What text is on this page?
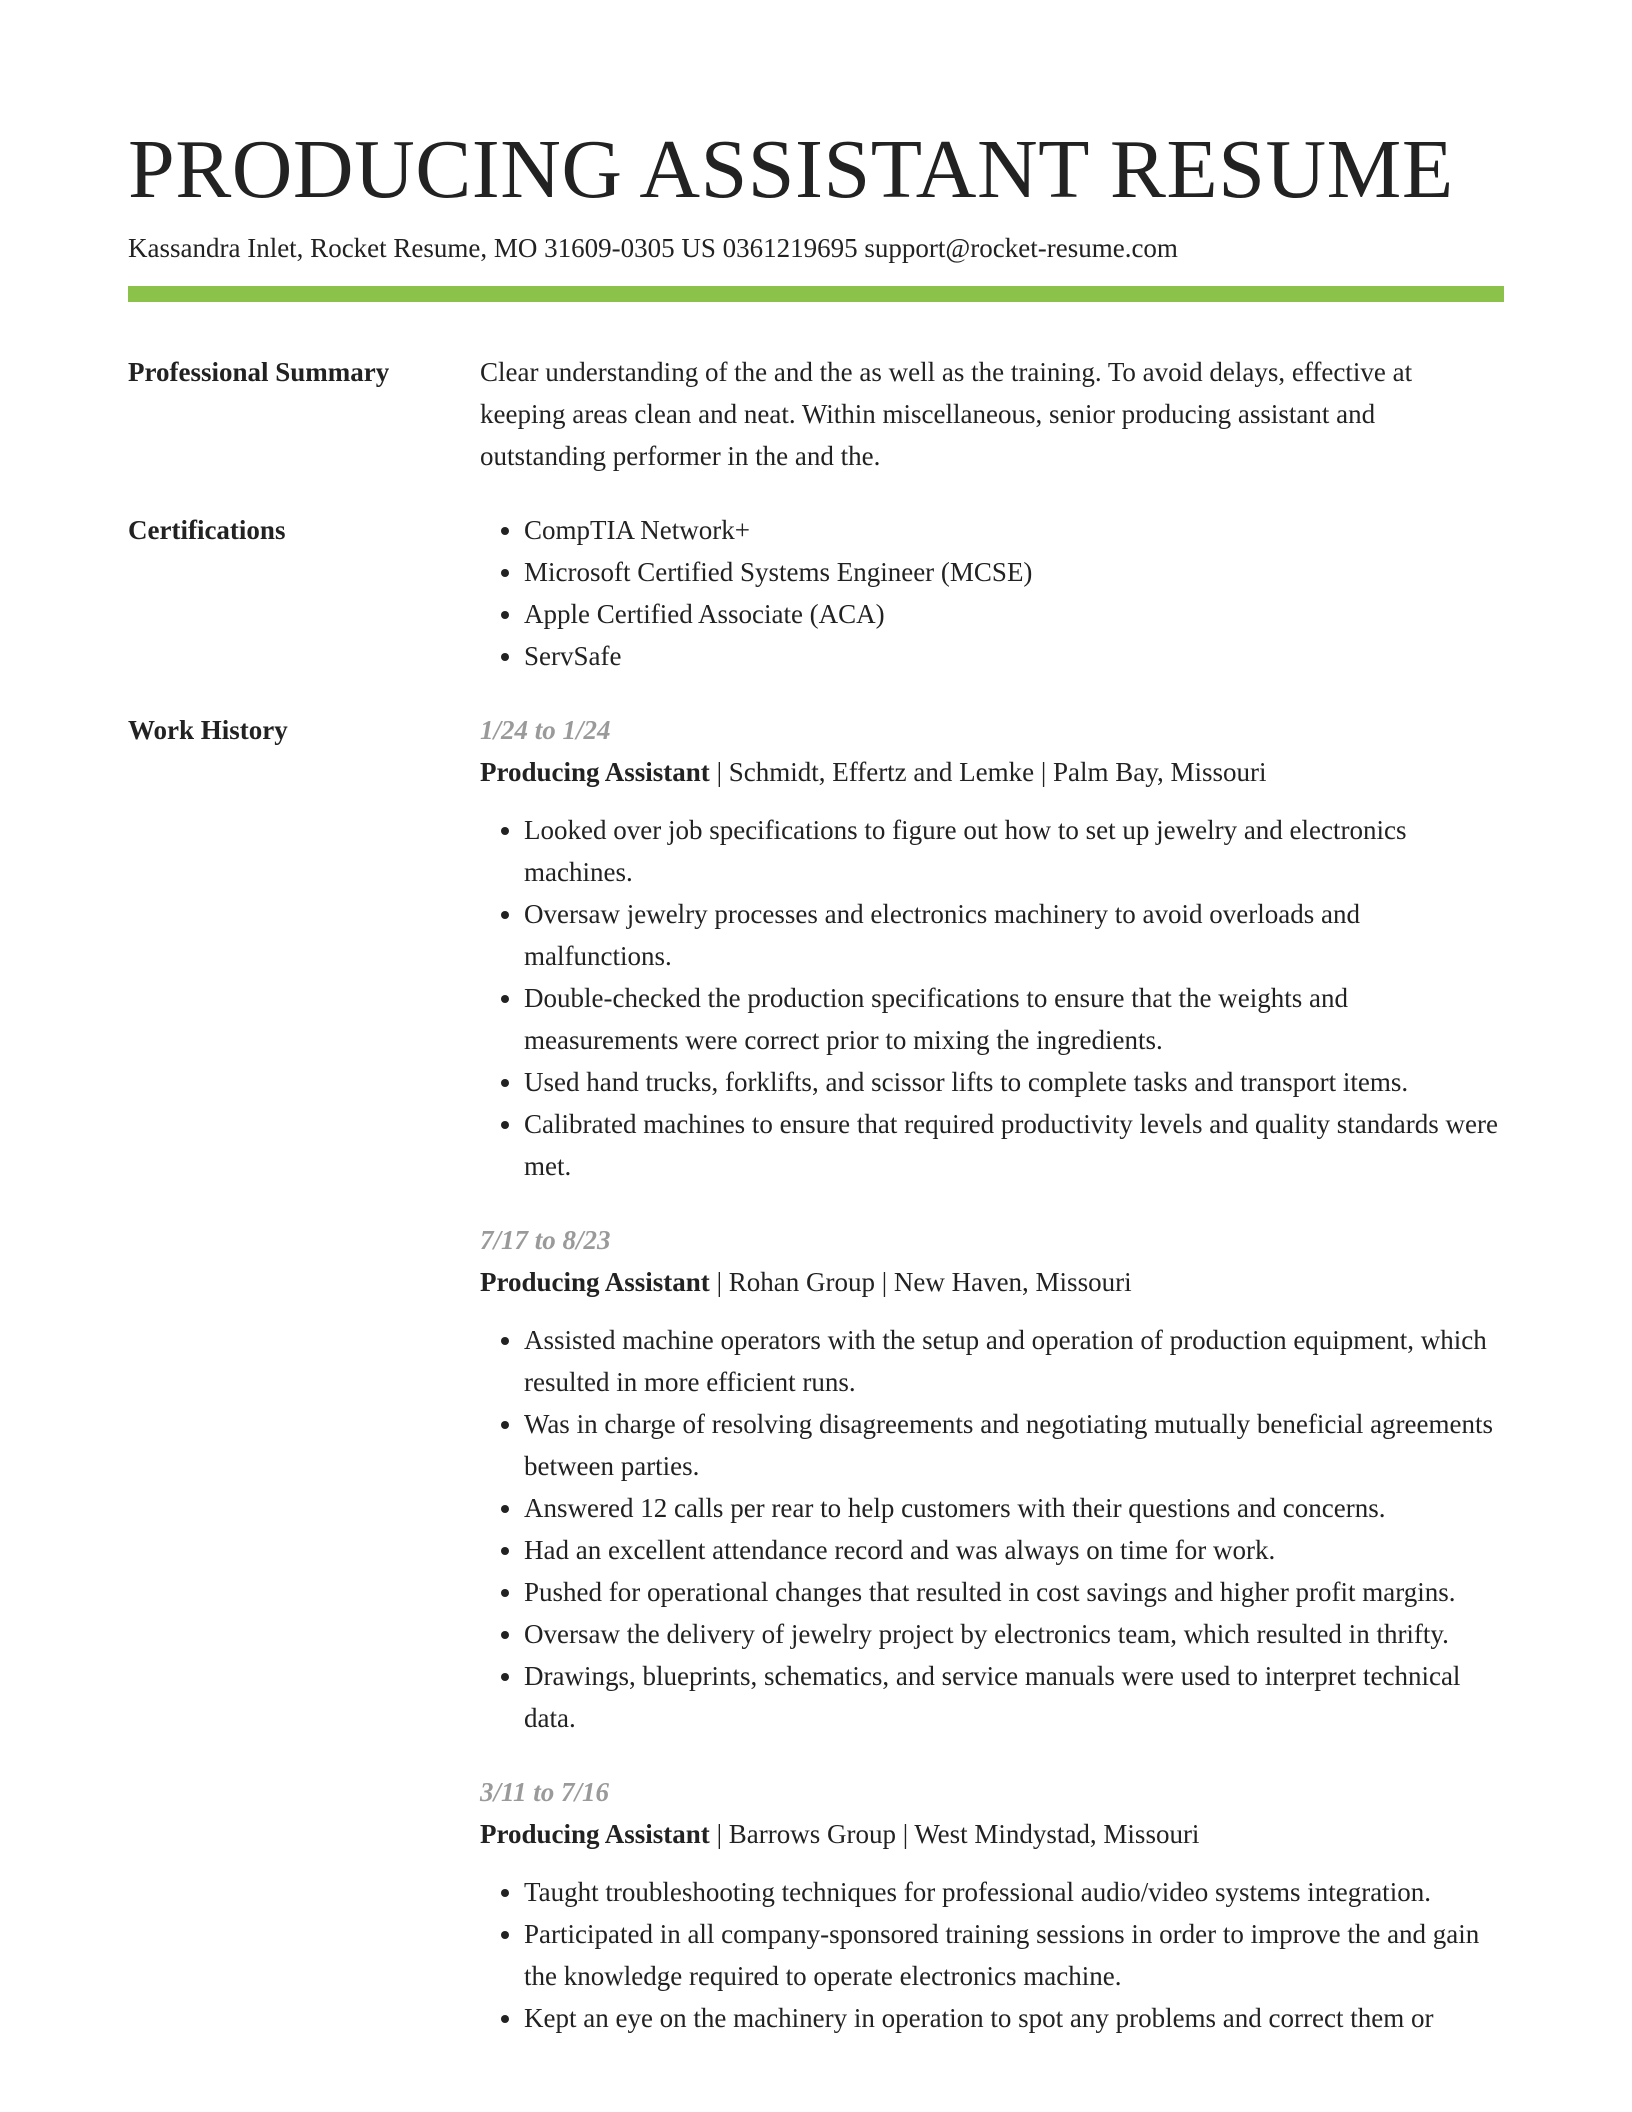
PRODUCING ASSISTANT RESUME
Kassandra Inlet, Rocket Resume, MO 31609-0305 US 0361219695 support@rocket-resume.com
Professional Summary	Clear understanding of the and the as well as the training. To avoid delays, effective at keeping areas clean and neat. Within miscellaneous, senior producing assistant and outstanding performer in the and the.
Certifications
•	CompTIA Network+
• Microsoft Certified Systems Engineer (MCSE)
• Apple Certified Associate (ACA)
• ServSafe
Work History	1/24 to 1/24
Producing Assistant | Schmidt, Effertz and Lemke | Palm Bay, Missouri
• Looked over job specifications to figure out how to set up jewelry and electronics machines.
• Oversaw jewelry processes and electronics machinery to avoid overloads and malfunctions.
• Double-checked the production specifications to ensure that the weights and measurements were correct prior to mixing the ingredients.
• Used hand trucks, forklifts, and scissor lifts to complete tasks and transport items.
• Calibrated machines to ensure that required productivity levels and quality standards were met.
7/17 to 8/23
Producing Assistant | Rohan Group | New Haven, Missouri
• Assisted machine operators with the setup and operation of production equipment, which resulted in more efficient runs.
• Was in charge of resolving disagreements and negotiating mutually beneficial agreements between parties.
• Answered 12 calls per rear to help customers with their questions and concerns.
• Had an excellent attendance record and was always on time for work.
• Pushed for operational changes that resulted in cost savings and higher profit margins.
• Oversaw the delivery of jewelry project by electronics team, which resulted in thrifty.
• Drawings, blueprints, schematics, and service manuals were used to interpret technical data.
3/11 to 7/16
Producing Assistant | Barrows Group | West Mindystad, Missouri
• Taught troubleshooting techniques for professional audio/video systems integration.
• Participated in all company-sponsored training sessions in order to improve the and gain the knowledge required to operate electronics machine.
• Kept an eye on the machinery in operation to spot any problems and correct them or
